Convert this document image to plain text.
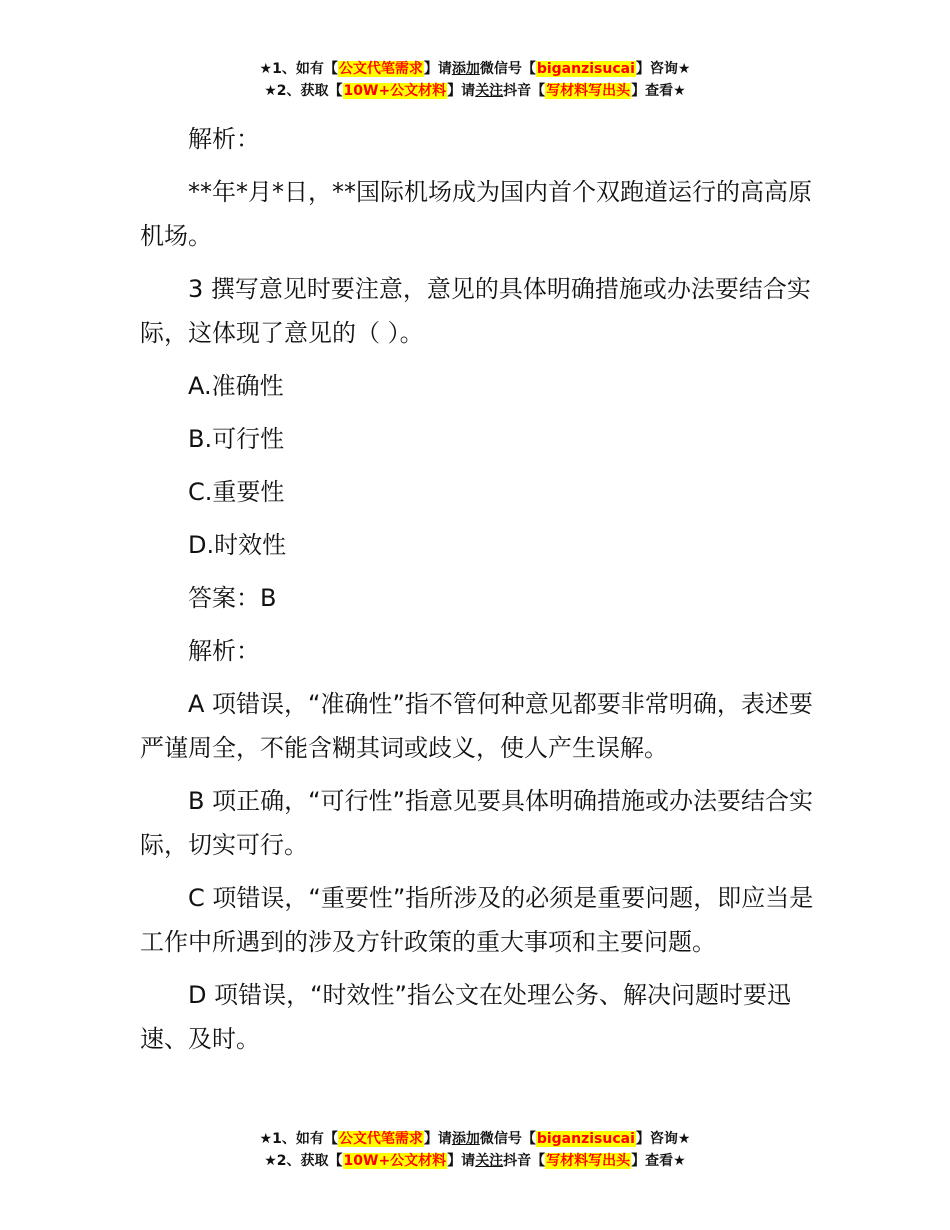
★1、如有【公文代笔需求】请添加微信号【biganzisucai】咨询★
★2、获取【10W+公文材料】请关注抖音【写材料写出头】查看★

解析：

**年*月*日，**国际机场成为国内首个双跑道运行的高高原机场。

3 撰写意见时要注意，意见的具体明确措施或办法要结合实际，这体现了意见的（ ）。

A.准确性

B.可行性

C.重要性

D.时效性

答案：B

解析：

A 项错误，“准确性”指不管何种意见都要非常明确，表述要严谨周全，不能含糊其词或歧义，使人产生误解。

B 项正确，“可行性”指意见要具体明确措施或办法要结合实际，切实可行。

C 项错误，“重要性”指所涉及的必须是重要问题，即应当是工作中所遇到的涉及方针政策的重大事项和主要问题。

D 项错误，“时效性”指公文在处理公务、解决问题时要迅速、及时。

★1、如有【公文代笔需求】请添加微信号【biganzisucai】咨询★
★2、获取【10W+公文材料】请关注抖音【写材料写出头】查看★
